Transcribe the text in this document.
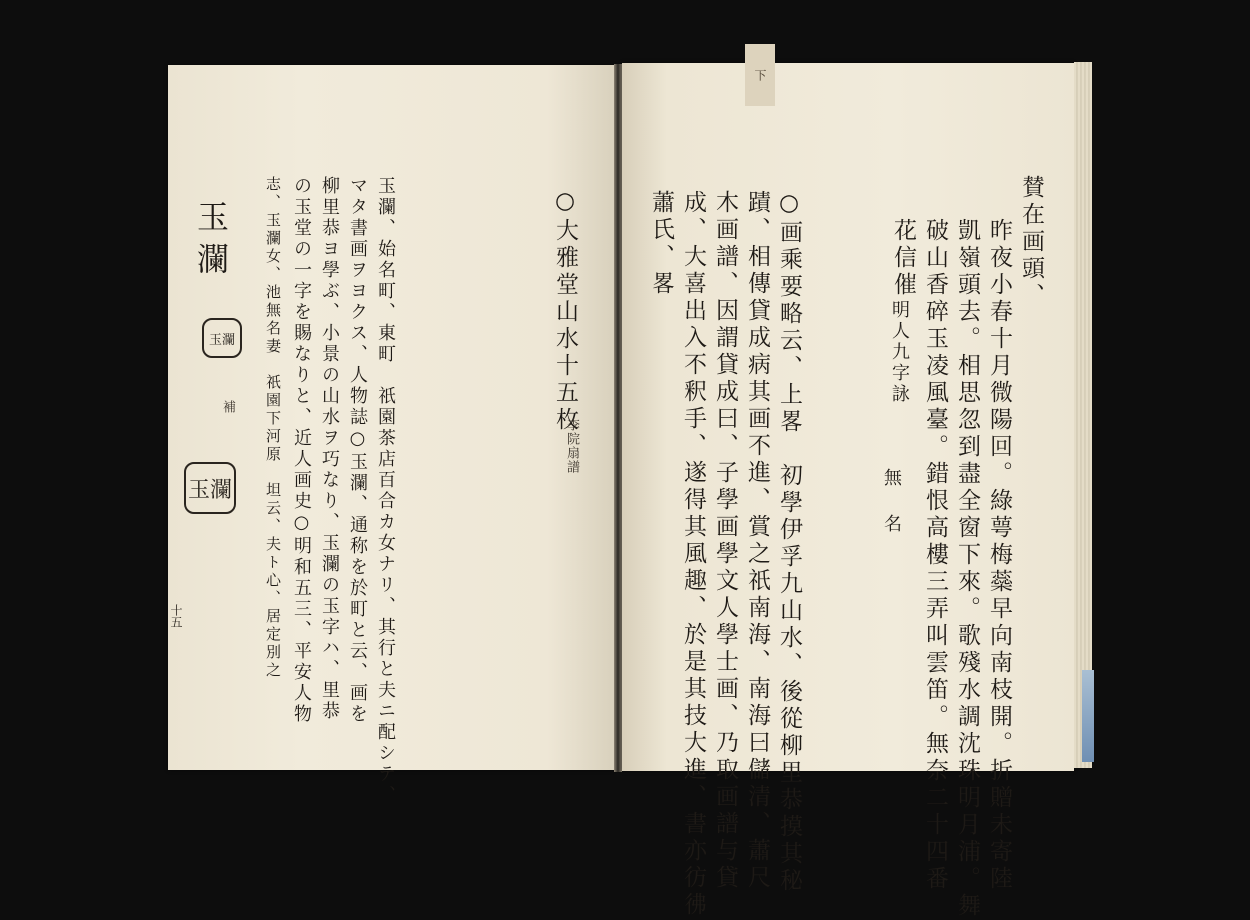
下
賛在画頭、
昨夜小春十月微陽回。綠萼梅蘂早向南枝開。折贈未寄陸
凱嶺頭去。相思忽到盡全窗下來。歌殘水調沈珠明月浦。舞
破山香碎玉凌風臺。錯恨高樓三弄叫雲笛。無奈二十四番
花信催
明人九字詠
無名
○画乘要略云、上畧　初學伊孚九山水、後從柳里恭摸其秘
蹟、相傳貸成病其画不進、賞之祇南海、南海曰儲清、蕭尺
木画譜、因謂貸成曰、子學画學文人學士画、乃取画譜与貸
成、大喜出入不釈手、遂得其風趣、於是其技大進、書亦彷彿
蕭氏、畧
○大雅堂山水十五枚
李院扇譜
玉瀾、始名町、東町　祇園茶店百合カ女ナリ、其行と夫ニ配シテ、
マタ書画ヲヨクス、人物誌○玉瀾、通称を於町と云、画を
柳里恭ヨ學ぶ、小景の山水ヲ巧なり、玉瀾の玉字ハ、里恭
の玉堂の一字を賜なりと、近人画史○明和五三、平安人物
志、玉瀾女、池無名妻　祇園下河原　坦云、夫ト心、居定別之
玉瀾
玉瀾
補
玉瀾
十五
